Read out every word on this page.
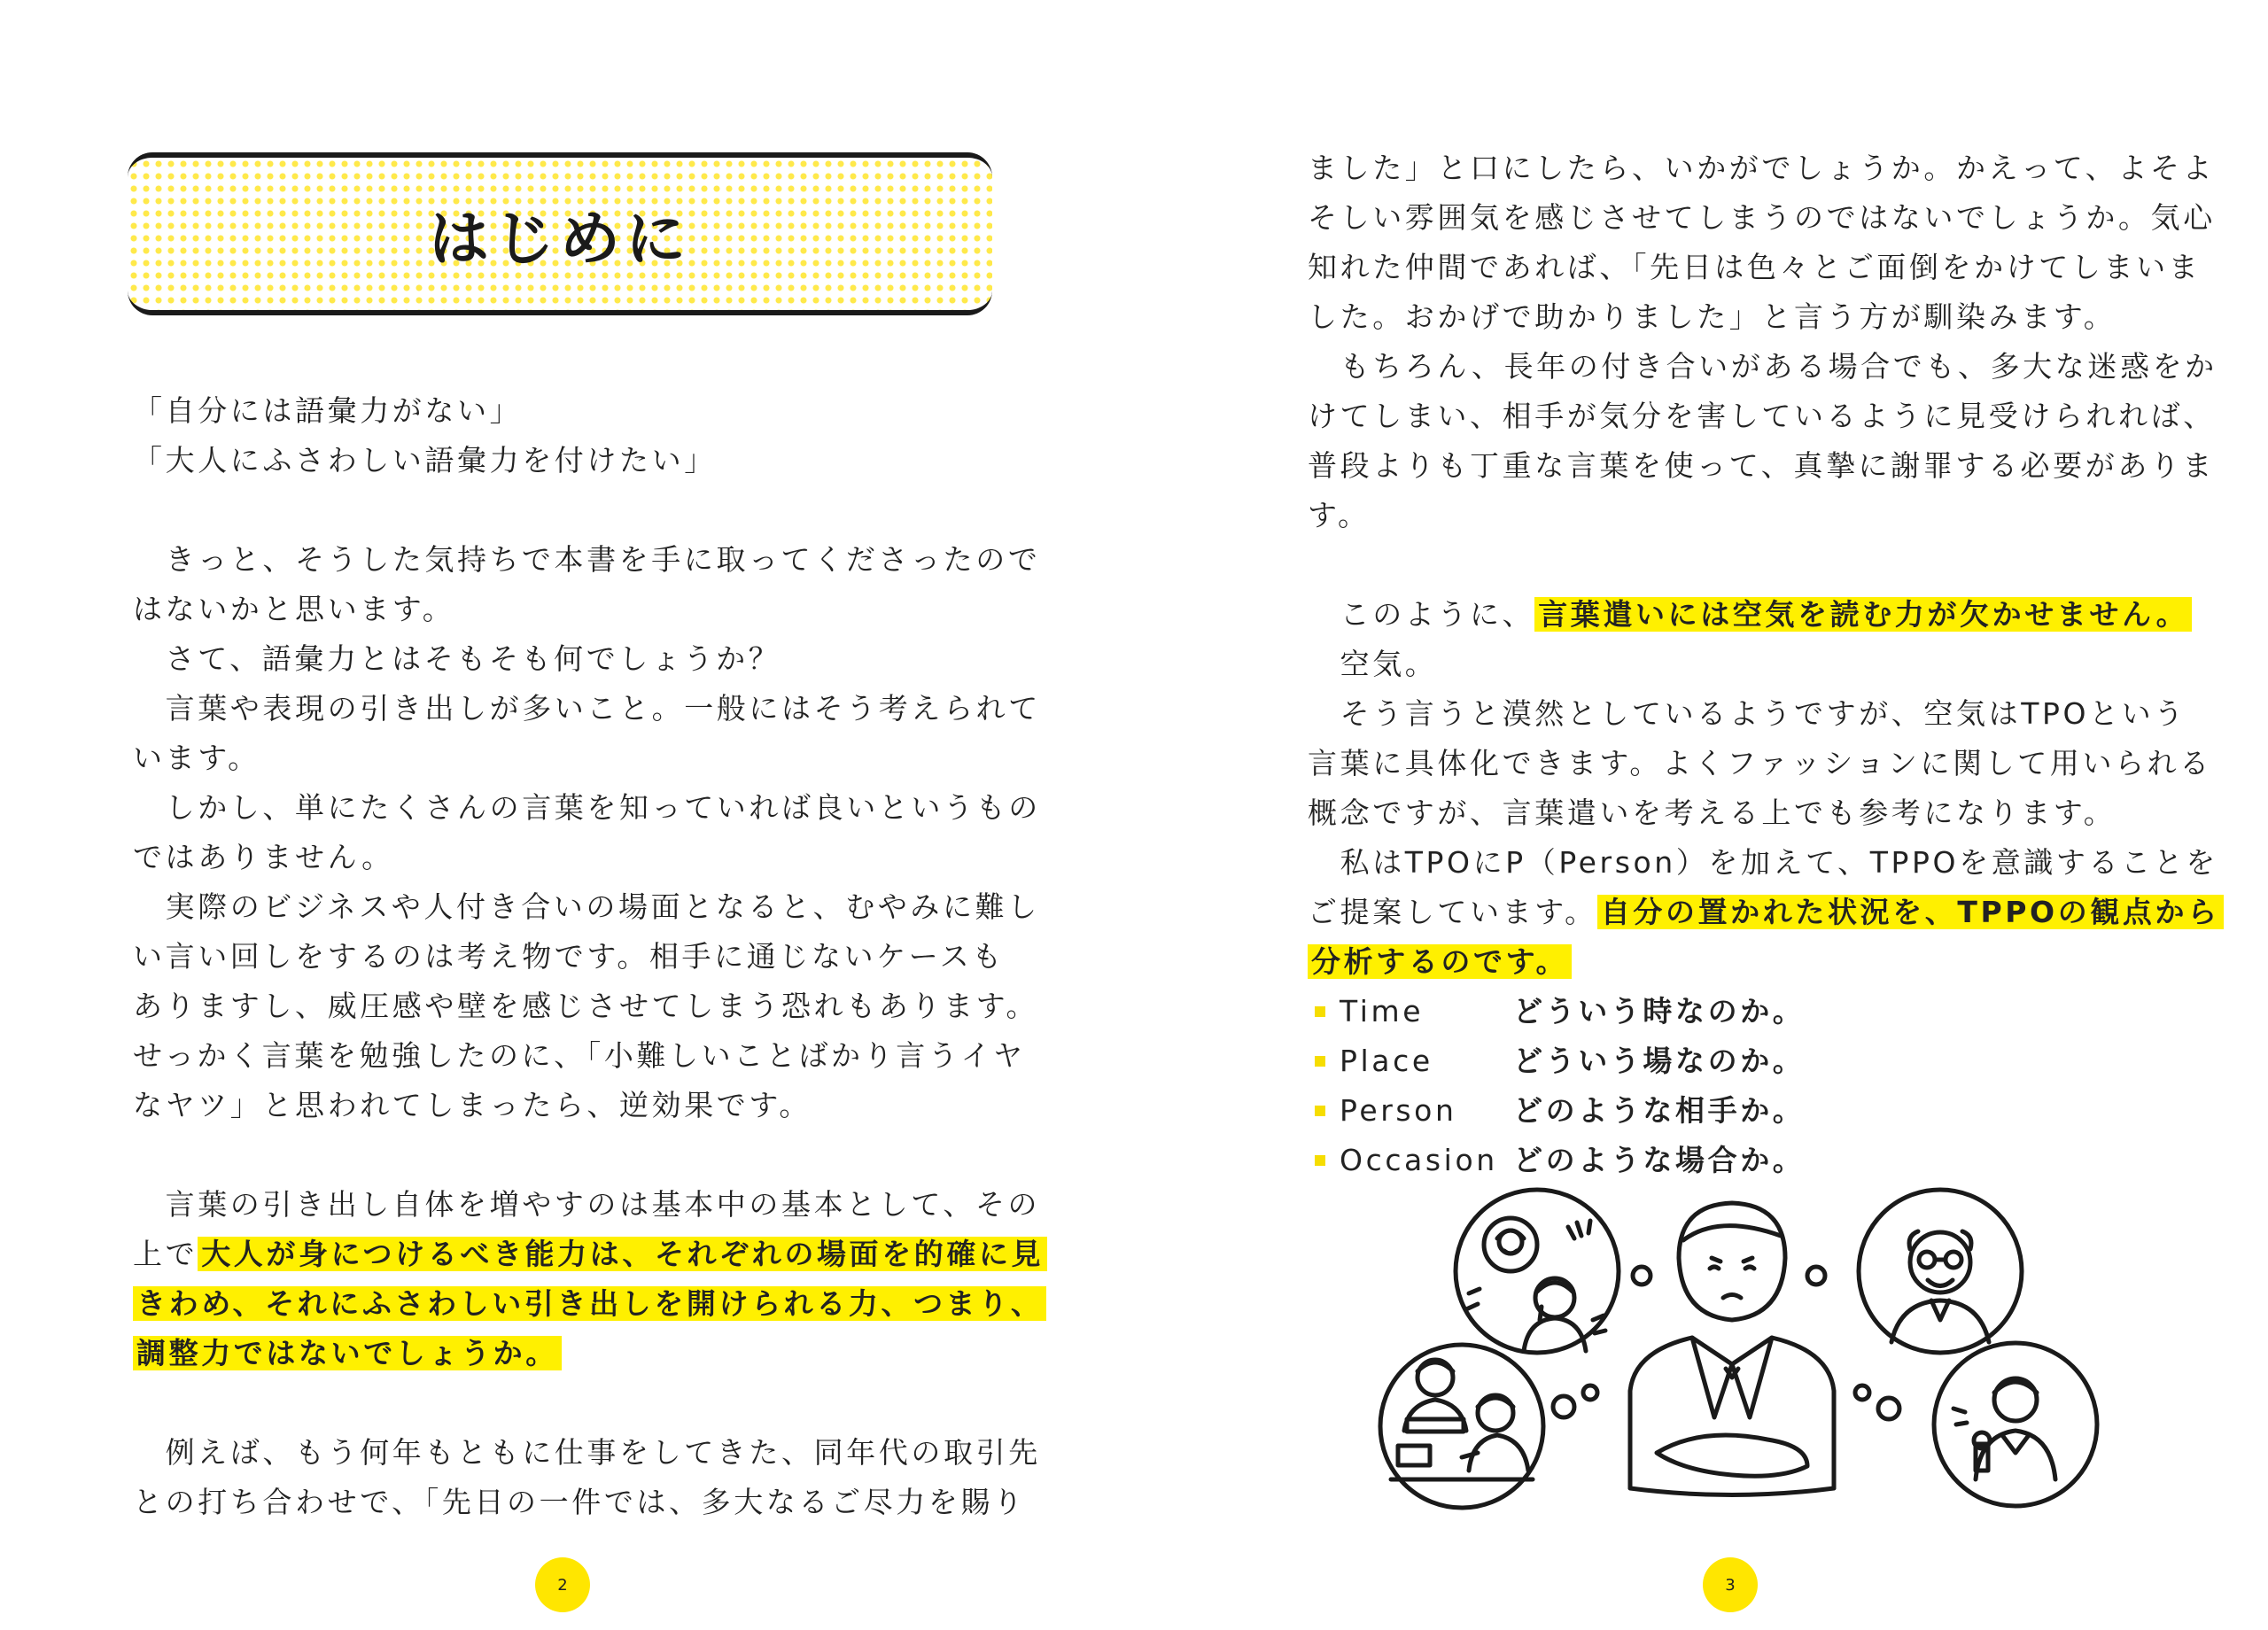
はじめに
「自分には語彙力がない」
「大人にふさわしい語彙力を付けたい」
　きっと、そうした気持ちで本書を手に取ってくださったので
はないかと思います。
　さて、語彙力とはそもそも何でしょうか？
　言葉や表現の引き出しが多いこと。一般にはそう考えられて
います。
　しかし、単にたくさんの言葉を知っていれば良いというもの
ではありません。
　実際のビジネスや人付き合いの場面となると、むやみに難し
い言い回しをするのは考え物です。相手に通じないケースも
ありますし、威圧感や壁を感じさせてしまう恐れもあります。
せっかく言葉を勉強したのに、「小難しいことばかり言うイヤ
なヤツ」と思われてしまったら、逆効果です。
　言葉の引き出し自体を増やすのは基本中の基本として、その
上で 大人が身につけるべき能力は、それぞれの場面を的確に見
きわめ、それにふさわしい引き出しを開けられる力、つまり、
調整力ではないでしょうか。
　例えば、もう何年もともに仕事をしてきた、同年代の取引先
との打ち合わせで、「先日の一件では、多大なるご尽力を賜り
2
ました」と口にしたら、いかがでしょうか。かえって、よそよ
そしい雰囲気を感じさせてしまうのではないでしょうか。気心
知れた仲間であれば、「先日は色々とご面倒をかけてしまいま
した。おかげで助かりました」と言う方が馴染みます。
　もちろん、長年の付き合いがある場合でも、多大な迷惑をか
けてしまい、相手が気分を害しているように見受けられれば、
普段よりも丁重な言葉を使って、真摯に謝罪する必要がありま
す。
　このように、 言葉遣いには空気を読む力が欠かせません。
　空気。
　そう言うと漠然としているようですが、空気はTPOという
言葉に具体化できます。よくファッションに関して用いられる
概念ですが、言葉遣いを考える上でも参考になります。
　私はTPOにP（Person）を加えて、TPPOを意識することを
ご提案しています。 自分の置かれた状況を、TPPOの観点から
分析するのです。
Time	どういう時なのか。
Place	どういう場なのか。
Person	どのような相手か。
Occasion どのような場合か。
3
